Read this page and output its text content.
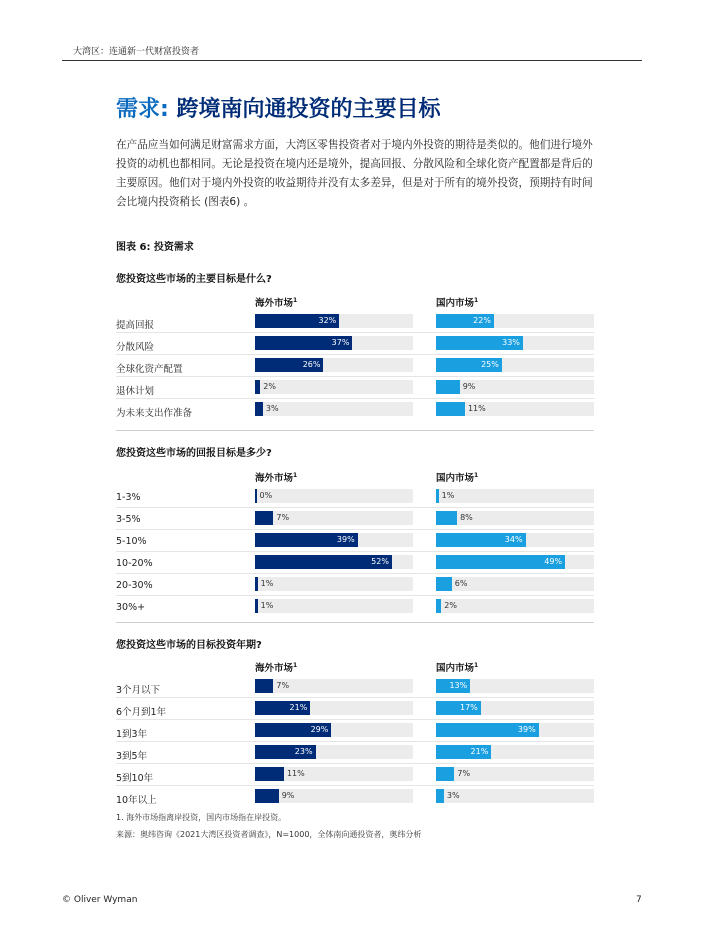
大湾区：连通新一代财富投资者
需求: 跨境南向通投资的主要目标
在产品应当如何满足财富需求方面，大湾区零售投资者对于境内外投资的期待是类似的。他们进行境外投资的动机也都相同。无论是投资在境内还是境外，提高回报、分散风险和全球化资产配置都是背后的主要原因。他们对于境内外投资的收益期待并没有太多差异，但是对于所有的境外投资，预期持有时间会比境内投资稍长 (图表6) 。
图表 6: 投资需求
您投资这些市场的主要目标是什么?
海外市场$^1$	国内市场$^1$
提高回报	32%	22%
分散风险	37%	33%
全球化资产配置	26%	25%
退休计划	2%	9%
为未来支出作准备	3%	11%
您投资这些市场的回报目标是多少?
海外市场$^1$	国内市场$^1$
1-3%	0%	1%
3-5%	7%	8%
5-10%	39%	34%
10-20%	52%	49%
20-30%	1%	6%
30%+	1%	2%
您投资这些市场的目标投资年期?
海外市场$^1$	国内市场$^1$
3个月以下	7%	13%
6个月到1年	21%	17%
1到3年	29%	39%
3到5年	23%	21%
5到10年	11%	7%
10年以上	9%	3%
1. 海外市场指离岸投资，国内市场指在岸投资。
来源：奥纬咨询《2021大湾区投资者调查》，N=1000，全体南向通投资者，奥纬分析
© Oliver Wyman	7
